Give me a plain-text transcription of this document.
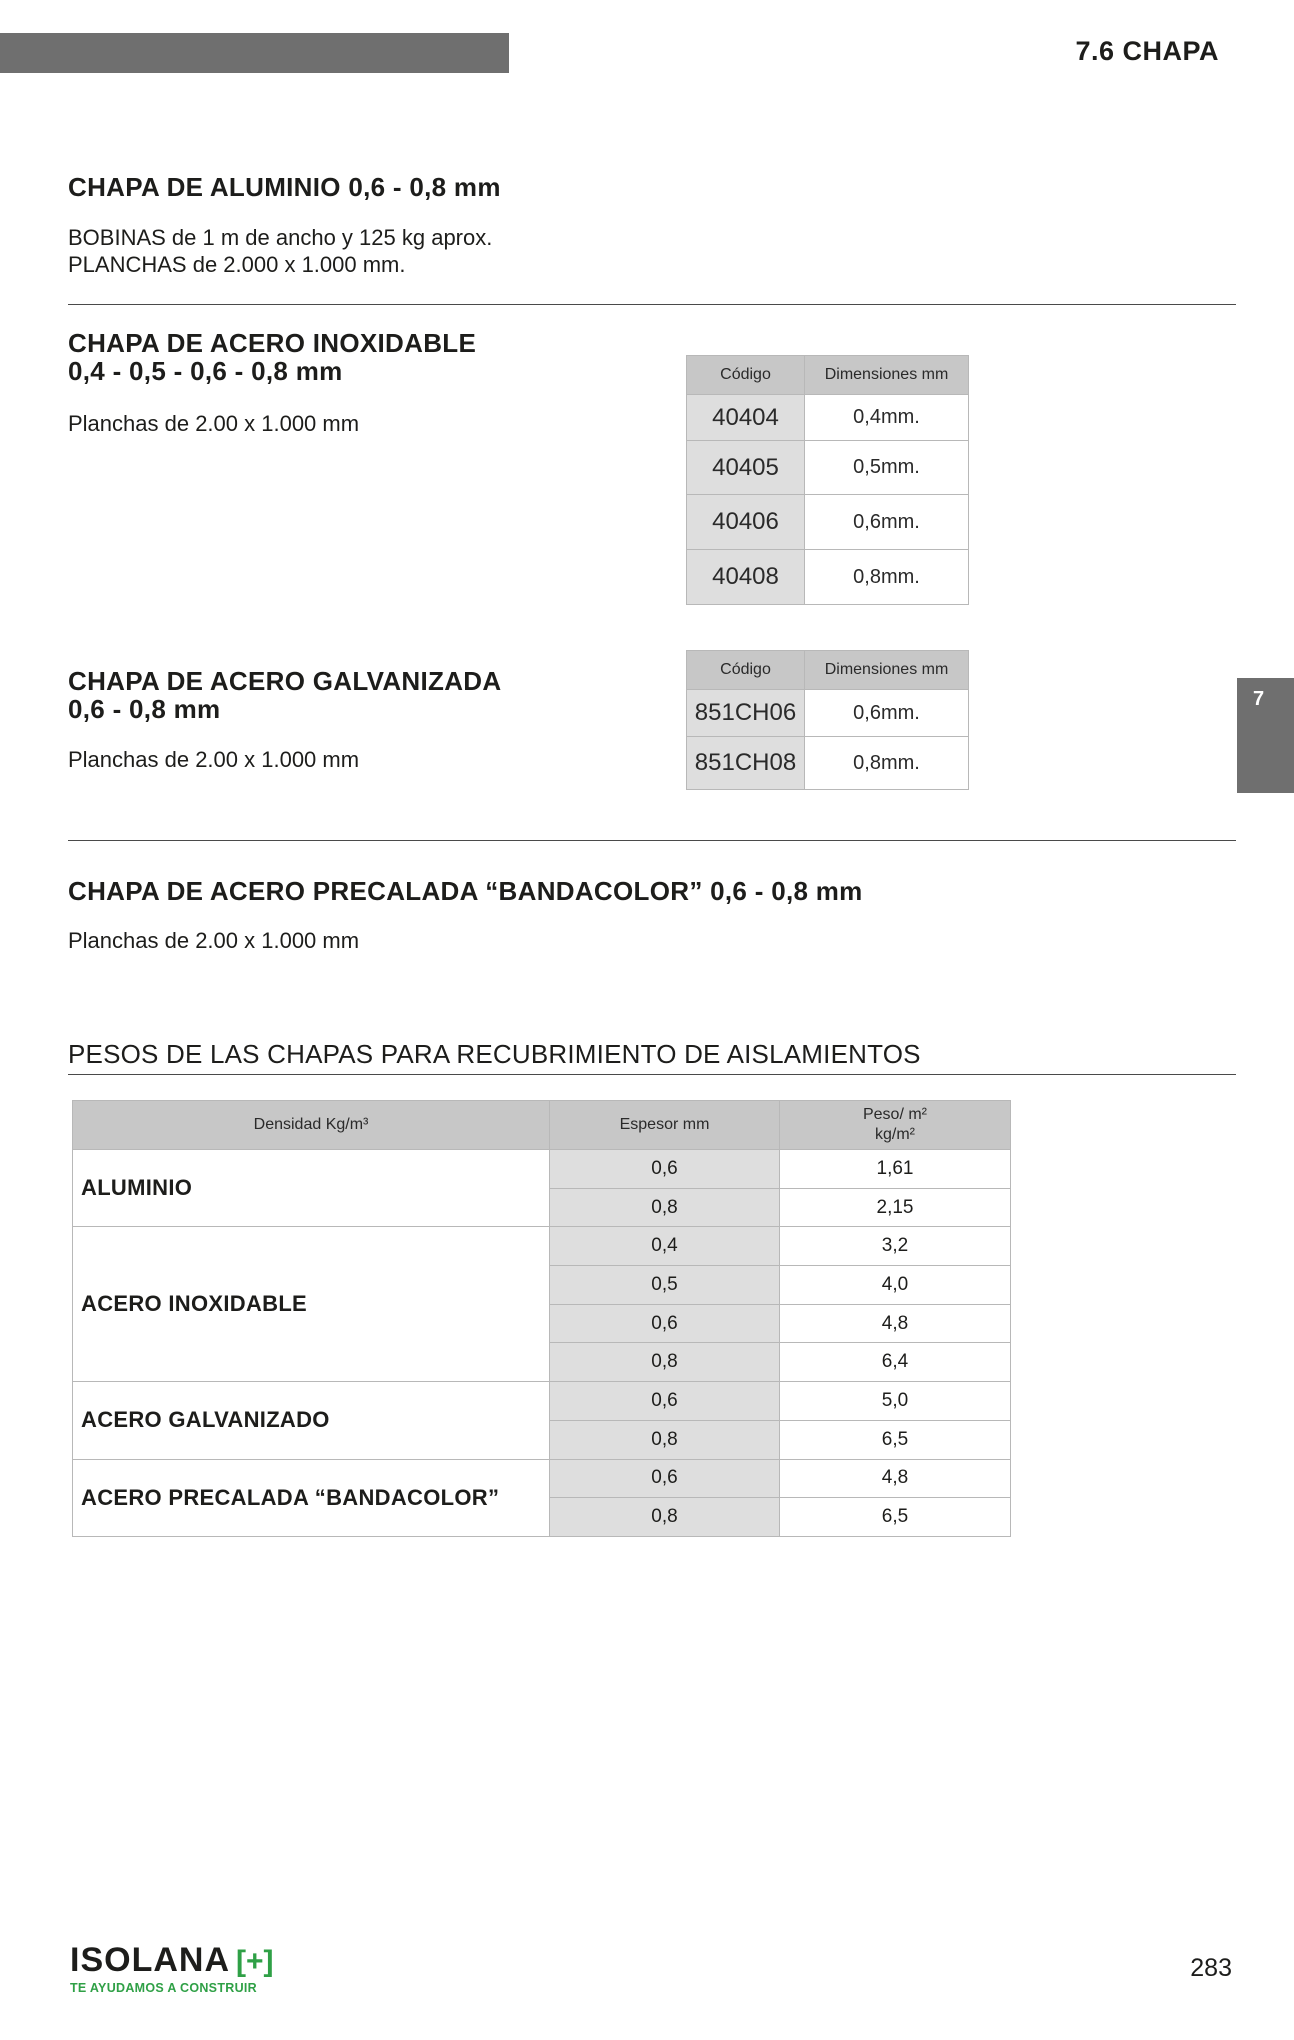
7.6 CHAPA
7
CHAPA DE ALUMINIO 0,6 - 0,8 mm
BOBINAS de 1 m de ancho y 125 kg aprox.
PLANCHAS de 2.000 x 1.000 mm.
CHAPA DE ACERO INOXIDABLE
0,4 - 0,5 - 0,6 - 0,8 mm
Planchas de 2.00 x 1.000 mm
Código	Dimensiones mm
40404	0,4mm.
40405	0,5mm.
40406	0,6mm.
40408	0,8mm.
CHAPA DE ACERO GALVANIZADA
0,6 - 0,8 mm
Planchas de 2.00 x 1.000 mm
Código	Dimensiones mm
851CH06	0,6mm.
851CH08	0,8mm.
CHAPA DE ACERO PRECALADA “BANDACOLOR” 0,6 - 0,8 mm
Planchas de 2.00 x 1.000 mm
PESOS DE LAS CHAPAS PARA RECUBRIMIENTO DE AISLAMIENTOS
Densidad Kg/m³	Espesor mm	Peso/ m²
kg/m²

ALUMINIO	0,6	1,61
	0,8	2,15
ACERO INOXIDABLE	0,4	3,2
	0,5	4,0
	0,6	4,8
	0,8	6,4
ACERO GALVANIZADO	0,6	5,0
	0,8	6,5
ACERO PRECALADA “BANDACOLOR”	0,6	4,8
	0,8	6,5
ISOLANA [+]
TE AYUDAMOS A CONSTRUIR
283
